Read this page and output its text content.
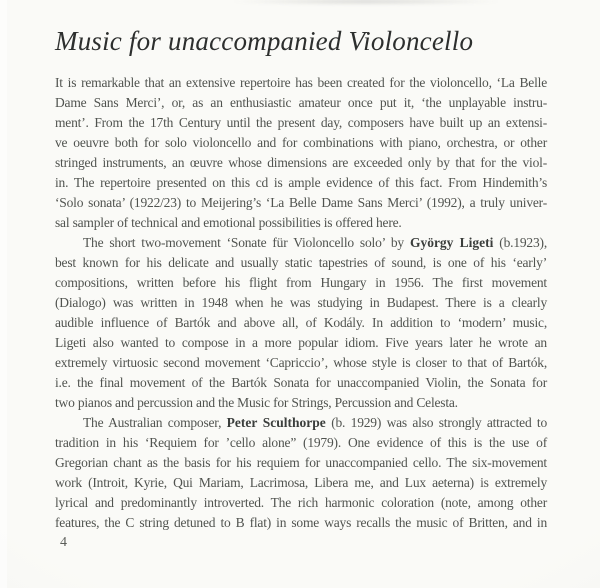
Music for unaccompanied Violoncello
It is remarkable that an extensive repertoire has been created for the violoncello, ‘La Belle
Dame Sans Merci’, or, as an enthusiastic amateur once put it, ‘the unplayable instru-
ment’. From the 17th Century until the present day, composers have built up an extensi-
ve oeuvre both for solo violoncello and for combinations with piano, orchestra, or other
stringed instruments, an œuvre whose dimensions are exceeded only by that for the viol-
in. The repertoire presented on this cd is ample evidence of this fact. From Hindemith’s
‘Solo sonata’ (1922/23) to Meijering’s ‘La Belle Dame Sans Merci’ (1992), a truly univer-
sal sampler of technical and emotional possibilities is offered here.
The short two-movement ‘Sonate für Violoncello solo’ by György Ligeti (b.1923),
best known for his delicate and usually static tapestries of sound, is one of his ‘early’
compositions, written before his flight from Hungary in 1956. The first movement
(Dialogo) was written in 1948 when he was studying in Budapest. There is a clearly
audible influence of Bartók and above all, of Kodály. In addition to ‘modern’ music,
Ligeti also wanted to compose in a more popular idiom. Five years later he wrote an
extremely virtuosic second movement ‘Capriccio’, whose style is closer to that of Bartók,
i.e. the final movement of the Bartók Sonata for unaccompanied Violin, the Sonata for
two pianos and percussion and the Music for Strings, Percussion and Celesta.
The Australian composer, Peter Sculthorpe (b. 1929) was also strongly attracted to
tradition in his ‘Requiem for ’cello alone” (1979). One evidence of this is the use of
Gregorian chant as the basis for his requiem for unaccompanied cello. The six-movement
work (Introit, Kyrie, Qui Mariam, Lacrimosa, Libera me, and Lux aeterna) is extremely
lyrical and predominantly introverted. The rich harmonic coloration (note, among other
features, the C string detuned to B flat) in some ways recalls the music of Britten, and in
4
